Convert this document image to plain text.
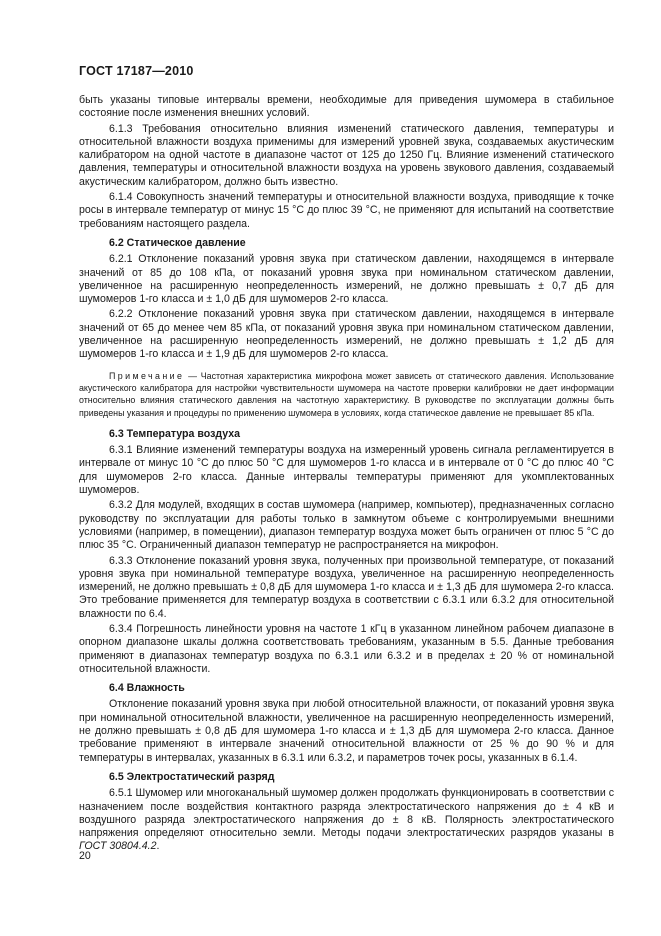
ГОСТ 17187—2010

быть указаны типовые интервалы времени, необходимые для приведения шумомера в стабильное состояние после изменения внешних условий.

6.1.3 Требования относительно влияния изменений статического давления, температуры и относительной влажности воздуха применимы для измерений уровней звука, создаваемых акустическим калибратором на одной частоте в диапазоне частот от 125 до 1250 Гц. Влияние изменений статического давления, температуры и относительной влажности воздуха на уровень звукового давления, создаваемый акустическим калибратором, должно быть известно.

6.1.4 Совокупность значений температуры и относительной влажности воздуха, приводящие к точке росы в интервале температур от минус 15 °С до плюс 39 °С, не применяют для испытаний на соответствие требованиям настоящего раздела.

6.2 Статическое давление

6.2.1 Отклонение показаний уровня звука при статическом давлении, находящемся в интервале значений от 85 до 108 кПа, от показаний уровня звука при номинальном статическом давлении, увеличенное на расширенную неопределенность измерений, не должно превышать ± 0,7 дБ для шумомеров 1-го класса и ± 1,0 дБ для шумомеров 2-го класса.

6.2.2 Отклонение показаний уровня звука при статическом давлении, находящемся в интервале значений от 65 до менее чем 85 кПа, от показаний уровня звука при номинальном статическом давлении, увеличенное на расширенную неопределенность измерений, не должно превышать ± 1,2 дБ для шумомеров 1-го класса и ± 1,9 дБ для шумомеров 2-го класса.

Примечание — Частотная характеристика микрофона может зависеть от статического давления. Использование акустического калибратора для настройки чувствительности шумомера на частоте проверки калибровки не дает информации относительно влияния статического давления на частотную характеристику. В руководстве по эксплуатации должны быть приведены указания и процедуры по применению шумомера в условиях, когда статическое давление не превышает 85 кПа.

6.3 Температура воздуха

6.3.1 Влияние изменений температуры воздуха на измеренный уровень сигнала регламентируется в интервале от минус 10 °С до плюс 50 °С для шумомеров 1-го класса и в интервале от 0 °С до плюс 40 °С для шумомеров 2-го класса. Данные интервалы температуры применяют для укомплектованных шумомеров.

6.3.2 Для модулей, входящих в состав шумомера (например, компьютер), предназначенных согласно руководству по эксплуатации для работы только в замкнутом объеме с контролируемыми внешними условиями (например, в помещении), диапазон температур воздуха может быть ограничен от плюс 5 °С до плюс 35 °С. Ограниченный диапазон температур не распространяется на микрофон.

6.3.3 Отклонение показаний уровня звука, полученных при произвольной температуре, от показаний уровня звука при номинальной температуре воздуха, увеличенное на расширенную неопределенность измерений, не должно превышать ± 0,8 дБ для шумомера 1-го класса и ± 1,3 дБ для шумомера 2-го класса. Это требование применяется для температур воздуха в соответствии с 6.3.1 или 6.3.2 для относительной влажности по 6.4.

6.3.4 Погрешность линейности уровня на частоте 1 кГц в указанном линейном рабочем диапазоне в опорном диапазоне шкалы должна соответствовать требованиям, указанным в 5.5. Данные требования применяют в диапазонах температур воздуха по 6.3.1 или 6.3.2 и в пределах ± 20 % от номинальной относительной влажности.

6.4 Влажность

Отклонение показаний уровня звука при любой относительной влажности, от показаний уровня звука при номинальной относительной влажности, увеличенное на расширенную неопределенность измерений, не должно превышать ± 0,8 дБ для шумомера 1-го класса и ± 1,3 дБ для шумомера 2-го класса. Данное требование применяют в интервале значений относительной влажности от 25 % до 90 % и для температуры в интервалах, указанных в 6.3.1 или 6.3.2, и параметров точек росы, указанных в 6.1.4.

6.5 Электростатический разряд

6.5.1 Шумомер или многоканальный шумомер должен продолжать функционировать в соответствии с назначением после воздействия контактного разряда электростатического напряжения до ± 4 кВ и воздушного разряда электростатического напряжения до ± 8 кВ. Полярность электростатического напряжения определяют относительно земли. Методы подачи электростатических разрядов указаны в ГОСТ 30804.4.2.

20
